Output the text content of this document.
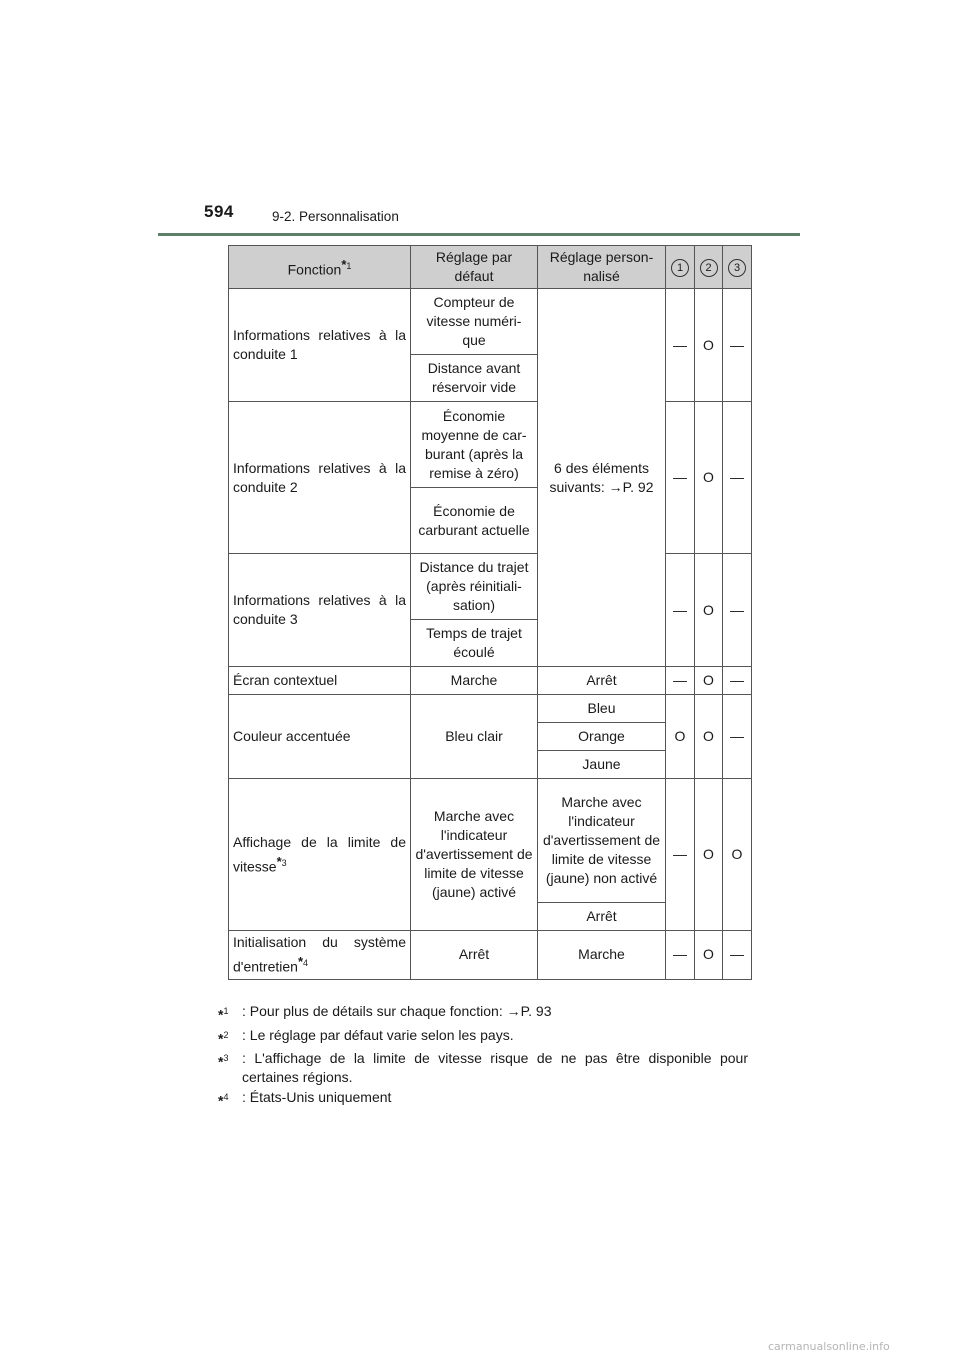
594	9-2. Personnalisation
Fonction$^{*1}$	Réglage par défaut	Réglage person-nalisé	1	2	3
Informations relatives à la conduite 1	Compteur de vitesse numéri-que	6 des éléments suivants: →P. 92	—	O	—
	Distance avant réservoir vide				
Informations relatives à la conduite 2	Économie moyenne de car-burant (après la remise à zéro)		—	O	—
	Économie de carburant actuelle				
Informations relatives à la conduite 3	Distance du trajet (après réinitiali-sation)		—	O	—
	Temps de trajet écoulé				
Écran contextuel	Marche	Arrêt	—	O	—
Couleur accentuée	Bleu clair	Bleu	O	O	—
		Orange			
		Jaune			
Affichage de la limite de vitesse$^{*3}$	Marche avec l'indicateur d'avertissement de limite de vitesse (jaune) activé	Marche avec l'indicateur d'avertissement de limite de vitesse (jaune) non activé	—	O	O
		Arrêt			
Initialisation du système d'entretien$^{*4}$	Arrêt	Marche	—	O	—
*$^1$ : Pour plus de détails sur chaque fonction: →P. 93
*$^2$ : Le réglage par défaut varie selon les pays.
*$^3$ : L'affichage de la limite de vitesse risque de ne pas être disponible pour certaines régions.
*$^4$ : États-Unis uniquement
carmanualsonline.info
